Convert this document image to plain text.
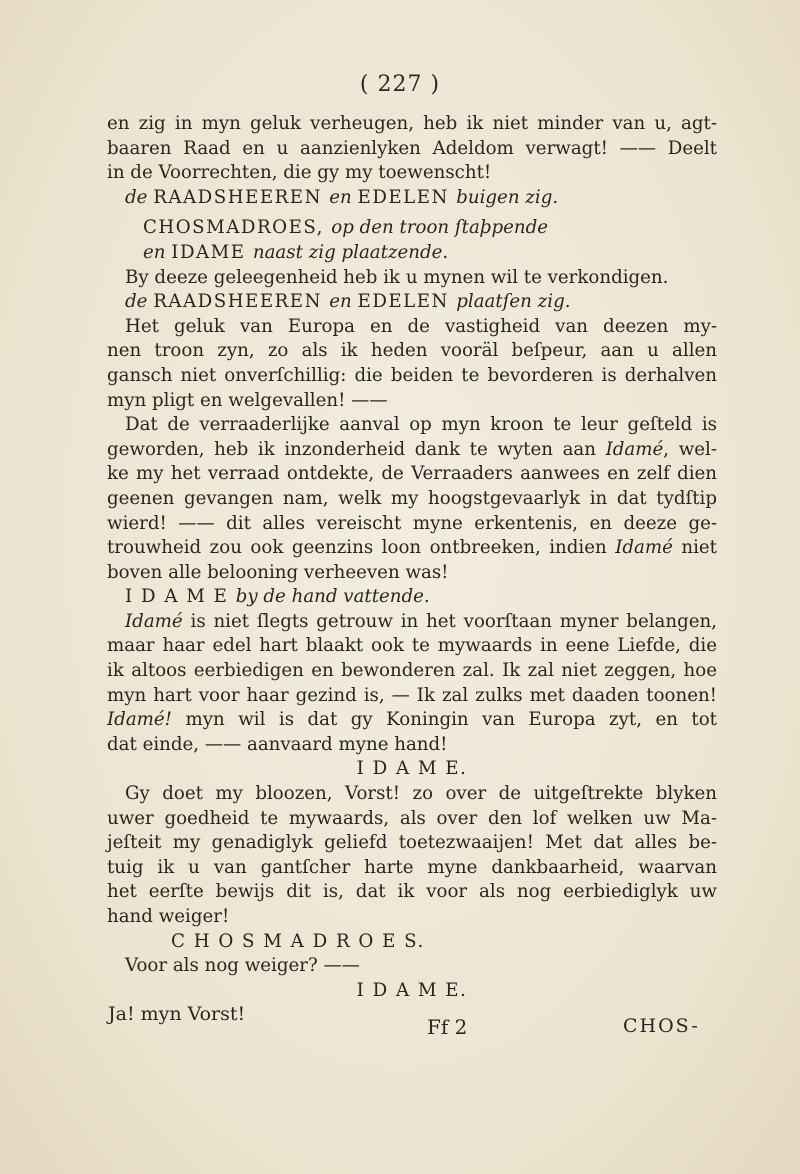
( 227 )
en zig in myn geluk verheugen, heb ik niet minder van u, agt-
baaren Raad en u aanzienlyken Adeldom verwagt! —— Deelt
in de Voorrechten, die gy my toewenscht!
de RAADSHEEREN en EDELEN buigen zig.
CHOSMADROES, op den troon ſtaþpende
en IDAME naast zig plaatzende.
By deeze geleegenheid heb ik u mynen wil te verkondigen.
de RAADSHEEREN en EDELEN plaatſen zig.
Het geluk van Europa en de vastigheid van deezen my-
nen troon zyn, zo als ik heden vooräl beſpeur, aan u allen
gansch niet onverſchillig: die beiden te bevorderen is derhalven
myn pligt en welgevallen! ——
Dat de verraaderlijke aanval op myn kroon te leur geſteld is
geworden, heb ik inzonderheid dank te wyten aan Idamé, wel-
ke my het verraad ontdekte, de Verraaders aanwees en zelf dien
geenen gevangen nam, welk my hoogstgevaarlyk in dat tydſtip
wierd! —— dit alles vereischt myne erkentenis, en deeze ge-
trouwheid zou ook geenzins loon ontbreeken, indien Idamé niet
boven alle belooning verheeven was!
I D A M E by de hand vattende.
Idamé is niet ſlegts getrouw in het voorſtaan myner belangen,
maar haar edel hart blaakt ook te mywaards in eene Liefde, die
ik altoos eerbiedigen en bewonderen zal. Ik zal niet zeggen, hoe
myn hart voor haar gezind is, — Ik zal zulks met daaden toonen!
Idamé! myn wil is dat gy Koningin van Europa zyt, en tot
dat einde, —— aanvaard myne hand!
I D A M E.
Gy doet my bloozen, Vorst! zo over de uitgeſtrekte blyken
uwer goedheid te mywaards, als over den lof welken uw Ma-
jeſteit my genadiglyk geliefd toetezwaaijen! Met dat alles be-
tuig ik u van gantſcher harte myne dankbaarheid, waarvan
het eerſte bewijs dit is, dat ik voor als nog eerbiediglyk uw
hand weiger!
C H O S M A D R O E S.
Voor als nog weiger? ——
I D A M E.
Ja! myn Vorst!
Ff 2	CHOS-
